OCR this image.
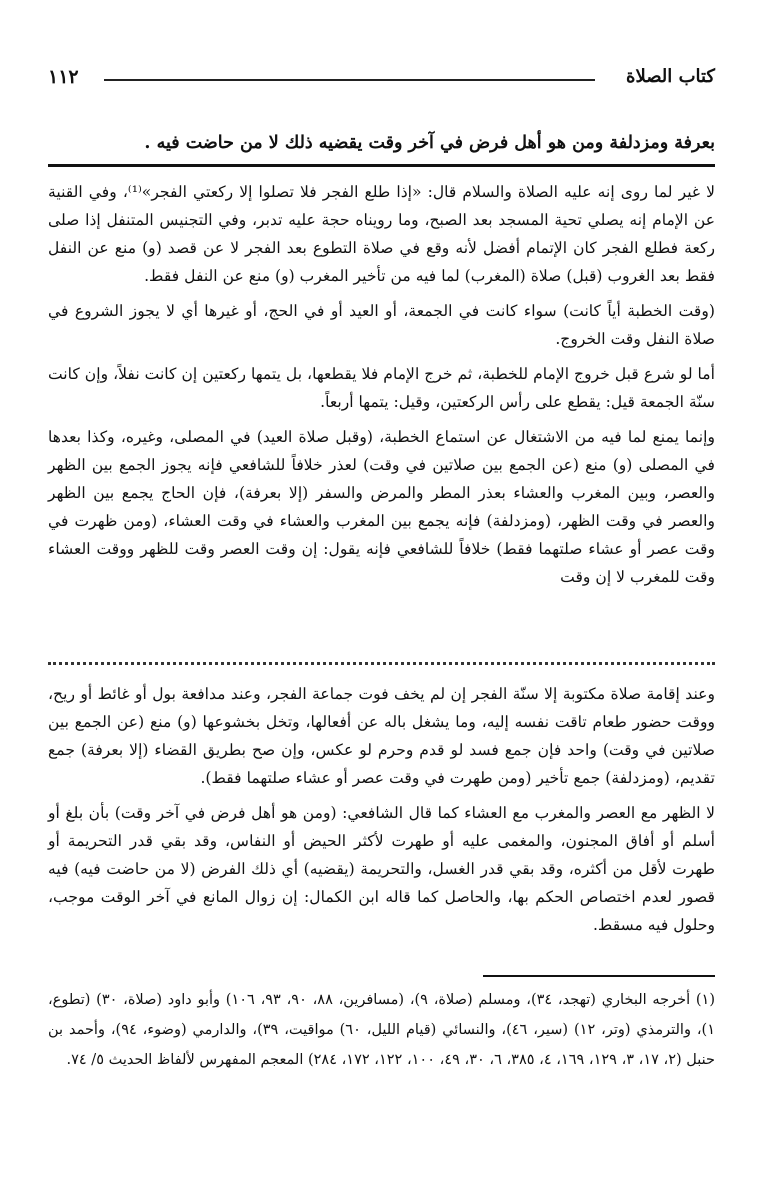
كتاب الصلاة
١١٢

بعرفة ومزدلفة ومن هو أهل فرض في آخر وقت يقضيه ذلك لا من حاضت فيه .

لا غير لما روى إنه عليه الصلاة والسلام قال: «إذا طلع الفجر فلا تصلوا إلا ركعتي الفجر»⁽¹⁾، وفي القنية عن الإمام إنه يصلي تحية المسجد بعد الصبح، وما رويناه حجة عليه تدبر، وفي التجنيس المتنفل إذا صلى ركعة فطلع الفجر كان الإتمام أفضل لأنه وقع في صلاة التطوع بعد الفجر لا عن قصد (و) منع عن النفل فقط بعد الغروب (قبل) صلاة (المغرب) لما فيه من تأخير المغرب (و) منع عن النفل فقط.

(وقت الخطبة أياً كانت) سواء كانت في الجمعة، أو العيد أو في الحج، أو غيرها أي لا يجوز الشروع في صلاة النفل وقت الخروج.

أما لو شرع قبل خروج الإمام للخطبة، ثم خرج الإمام فلا يقطعها، بل يتمها ركعتين إن كانت نفلاً، وإن كانت سنّة الجمعة قيل: يقطع على رأس الركعتين، وقيل: يتمها أربعاً.

وإنما يمنع لما فيه من الاشتغال عن استماع الخطبة، (وقبل صلاة العيد) في المصلى، وغيره، وكذا بعدها في المصلى (و) منع (عن الجمع بين صلاتين في وقت) لعذر خلافاً للشافعي فإنه يجوز الجمع بين الظهر والعصر، وبين المغرب والعشاء بعذر المطر والمرض والسفر (إلا بعرفة)، فإن الحاج يجمع بين الظهر والعصر في وقت الظهر، (ومزدلفة) فإنه يجمع بين المغرب والعشاء في وقت العشاء، (ومن ظهرت في وقت عصر أو عشاء صلتهما فقط) خلافاً للشافعي فإنه يقول: إن وقت العصر وقت للظهر ووقت العشاء وقت للمغرب لا إن وقت

وعند إقامة صلاة مكتوبة إلا سنّة الفجر إن لم يخف فوت جماعة الفجر، وعند مدافعة بول أو غائط أو ريح، ووقت حضور طعام تاقت نفسه إليه، وما يشغل باله عن أفعالها، وتخل بخشوعها (و) منع (عن الجمع بين صلاتين في وقت) واحد فإن جمع فسد لو قدم وحرم لو عكس، وإن صح بطريق القضاء (إلا بعرفة) جمع تقديم، (ومزدلفة) جمع تأخير (ومن طهرت في وقت عصر أو عشاء صلتهما فقط).

لا الظهر مع العصر والمغرب مع العشاء كما قال الشافعي: (ومن هو أهل فرض في آخر وقت) بأن بلغ أو أسلم أو أفاق المجنون، والمغمى عليه أو طهرت لأكثر الحيض أو النفاس، وقد بقي قدر التحريمة أو طهرت لأقل من أكثره، وقد بقي قدر الغسل، والتحريمة (يقضيه) أي ذلك الفرض (لا من حاضت فيه) فيه قصور لعدم اختصاص الحكم بها، والحاصل كما قاله ابن الكمال: إن زوال المانع في آخر الوقت موجب، وحلول فيه مسقط.

(١) أخرجه البخاري (تهجد، ٣٤)، ومسلم (صلاة، ٩)، (مسافرين، ٨٨، ٩٠، ٩٣، ١٠٦) وأبو داود (صلاة، ٣٠) (تطوع، ١)، والترمذي (وتر، ١٢) (سير، ٤٦)، والنسائي (قيام الليل، ٦٠) مواقيت، ٣٩)، والدارمي (وضوء، ٩٤)، وأحمد بن حنبل (٢، ١٧، ٣، ١٢٩، ١٦٩، ٤، ٣٨٥، ٦، ٣٠، ٤٩، ١٠٠، ١٢٢، ١٧٢، ٢٨٤) المعجم المفهرس لألفاظ الحديث ٥/ ٧٤.
